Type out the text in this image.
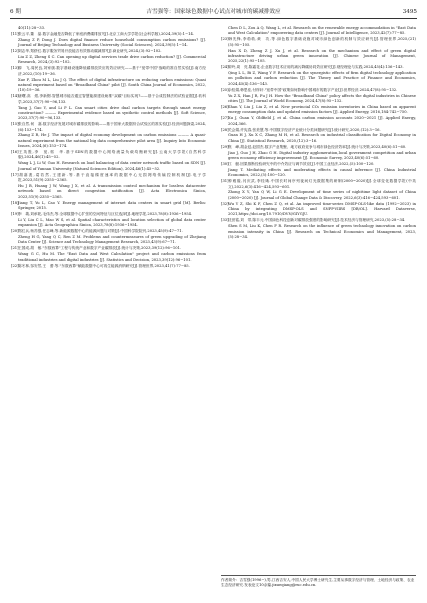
6 期	吉雪强等：国家绿色数据中心试点对城市的碳减排效应	3495
40(11):28−33.
[11]张云平,董　晶.数字金融是否降低了家庭消费碳排放?[J].北京工商大学学报(社会科学版),2024,39(5):1−14.
Zhang Z P, Dong J. Does digital finance reduce household consumption carbon emissions? [J]. Journal of Beijing Technology and Business University (Social Sciences), 2024,39(5):1−14.
[12]刘志华,郑舒红.数字服务贸易开放能否有效推动碳减排?[J].商业研究,2024,(3):92−102.
Liu Z Z, Zheng S C. Can opening up digital services trade drive carbon reduction? [J]. Commercial Research, 2024,(3):92−102.
[13]薛　飞,周民良,刘家旗.数字基础设施降低碳排放效应的效应研究——基于"宽带中国"战略的准自然实验[J].南方经济,2022,(10):19−36.
Xue F, Zhou M L, Liu J Q. The effect of digital infrastructure on reducing carbon emissions: Quasi natural experiment based on "Broadband China" pilot [J]. South China Journal of Economics, 2022,(10):19−36.
[14]唐曙,高　煜,李新钢.智慧城市能否通过智慧能源建设助推"双碳"目标实现?——基于合成控制法的试验证据[J].软科学,2023,37(7):90−96,133.
Tang J, Gao Y, and Li P L. Can smart cities drive dual carbon targets through smart energy construction? ——— Experimental evidence based on synthetic control methods [J]. Soft Science, 2023,37(7):90−96,133.
[15]张自然,何　嘉.数字经济发展对城市碳排放的影响——基于国家大数据综合试验区的准实验[J].经济问题探索,2024,(6):153−174.
Zhang Z R, He J. The impact of digital economy development on carbon emissions ——— A quasi-natural experiment from the national big data comprehensive pilot area [J]. Inquiry Into Economic Issues, 2024,(6):153−174.
[16]王英胜,李　宽,郭　华.基于SDN的数据中心网络流量负载均衡研究[J].云南大学学报(自然科学版),2024,46(1):45−52.
Wang L J, Li W, Guo H. Research on load balancing of data center network traffic based on SDN [J]. Journal of Yunnan University (Natural Sciences Edition), 2024,46(1):45−52.
[17]胡嘉浚,葛若然,王建新.等.基于直接梯度速率的数据中心无损网络传输控制机制[J].电子学报,2023,51(9):2355−2365.
Hu J B, Huang J W, Wang J X, et al. A transmission control mechanism for lossless datacenter network based on direct congestion notification [J]. Acta Electronica Sinica, 2023,51(9):2355−2365.
[18]Jiang T, Yu L, Cao Y. Energy management of internet data centers in smart grid [M]. Berlin: Springer, 2015.
[19]李　義,刘承乾,毛伟杰,等.全球数据中心扩张的空间特征与区位选择[J].地理学报,2023,78(8):1936−1954.
Li Y, Liu C L, Mao W S, et al. Spatial characteristics and location selection of global data center expansion [J]. Acta Geographica Sinica, 2023,78(8):1936−1954.
[20]郑红兵,杨苏强,任志峰,等.新能源数据中心的能源问题与对策[J].中国科学院院刊,2023,45(9):47−71.
Zheng H G, Yang Q C, Ren Z M. Problems and countermeasures of green upgrading of Zhejiang Data Center [J]. Science and Technology Management Research, 2023,43(9):67−71.
[21]王国成,胡　敏."东数西算"工程与传统产业和数字产业碳排放[J].统计与决策,2023,39(12):96−101.
Wang G C, Hu M. The "East Data and West Calculation" project and carbon emissions from traditional industries and digital industries [J]. Statistics and Decision, 2023,39(12):96−101.
[22]陈冬林,邹安然,王　蕾.等."东数西算"赋能数据中心可再生能源消纳研究[J].管理世界,2023,41(7):77−85.
Chen D L, Zou A Q, Wang L, et al. Research on the renewable energy accommodation in "East Data and West Calculation" empowering data centers [J]. Journal of Intelligence, 2023,42(7):77−85.
[23]韩先锋,李勃勃,黄　功,等.绿色数字基础设施对城市绿色创新的机制与效应研究[J].管理世界,2025,(21)(5):95−105.
Han X D, Zheng Z J, Xu J, et al. Research on the mechanism and effect of green digital infrastructure driving urban green innovation [J]. Chinese Journal of Management, 2025,22(1):95−105.
[24]廖玲,周　亮,陈霜花.企业数字技术应用的减污降碳协同效应研究[J].财经理论与实践,2024,45(4):136−143.
Qing L L, Bi Z, Wang Y F. Research on the synergistic effects of firm digital technology application on pollution and carbon reduction [J]. The Theory and Practice of Finance and Economics, 2024,45(4):136−143.
[25]余桂娟,韩思佳,付梓轩."宽带中国"政策如何影响中国城市的数字产业[J].世界经济,2024,47(8):95−132.
Yu Z X, Han J R, Fu J H. How the "Broadband China" policy affects the digital industries in Chinese cities [J]. The Journal of World Economy, 2024,47(8):95−132.
[26]Shan Y, Liu J, Liu Z, et al. New provincial CO₂ emission inventories in China based on apparent energy consumption data and updated emission factors [J]. Applied Energy, 2016,184:742−750.
[27]Xu J, Guan Y, Oldfield J, et al. China carbon emission accounts 2020−2021 [J]. Applied Energy, 2024,366.
[28]关会娟,许宪春,张美慧,等.中国数字经济产业统计分类问题研究[J].统计研究,2020,(12):3−16.
Guan H J, Xu X C, Zhang M H, et al. Research on industrial classification for Digital Economy in China [J]. Statistical Research, 2020,(12):3−16.
[29]焦　峰,胡金廷,赵国杰.数字产业集聚、地方政府竞争与城市绿色经济效率[J].统计与决策,2023,40(6):51−60.
Jiao J, Guo J H, Zhao G H. Digital industry agglomeration,local government competition and urban green economy efficiency improvement [J]. Economic Survey, 2023,40(6):51−60.
[30]江　艇.因果推断经验研究中的中介效应与调节效应[J].中国工业经济,2022,(5):100−120.
Jiang T. Mediating effects and moderating effects in causal inference [J]. China Industrial Economics, 2022,(5):100−120.
[31]仲雅璇,闫庆武,李桂娥.中国长时间序列夜间灯光数据集的研制(2000~2020)[J].全球变化数据学报(中英文),2022,6(3):416−424,593−601.
Zhong X Y, Yan Q W, Li G E. Development of time series of nighttime light dataset of China (2000~2020) [J]. Journal of Global Change Data & Discovery, 2022,6(3):416−424,593−601.
[32]Wu Y Z, Shi K F, Chen Z Q, et al. An improved time-series DMSP-OLS-like data (1992−2023) in China by integrating DMSP-OLS and SNPP-VIIRS [DB/OL]. Harvard Dataverse, 2021,https://doi.org/10.7910/DVN/GIYGJU.
[33]沈世铭,刘　带,陈丰元.中国绿色科技创新对碳排放强度的影响研究[J].技术经济与管理研究,2023,(5):28−34.
Shen S M, Liu K, Chen F R. Research on the influence of green technology innovation on carbon emission intensity in China [J]. Research on Technical Economics and Management, 2023,(5):28−34.
作者简介：吉雪强(1996−),男,江西吉安人,中国人民大学博士研究生,主要从事数字经济与管理、土地经济与政策、农业生态经济研究.发表论文10余篇.jixueqiang@ruc.edu.cn.
